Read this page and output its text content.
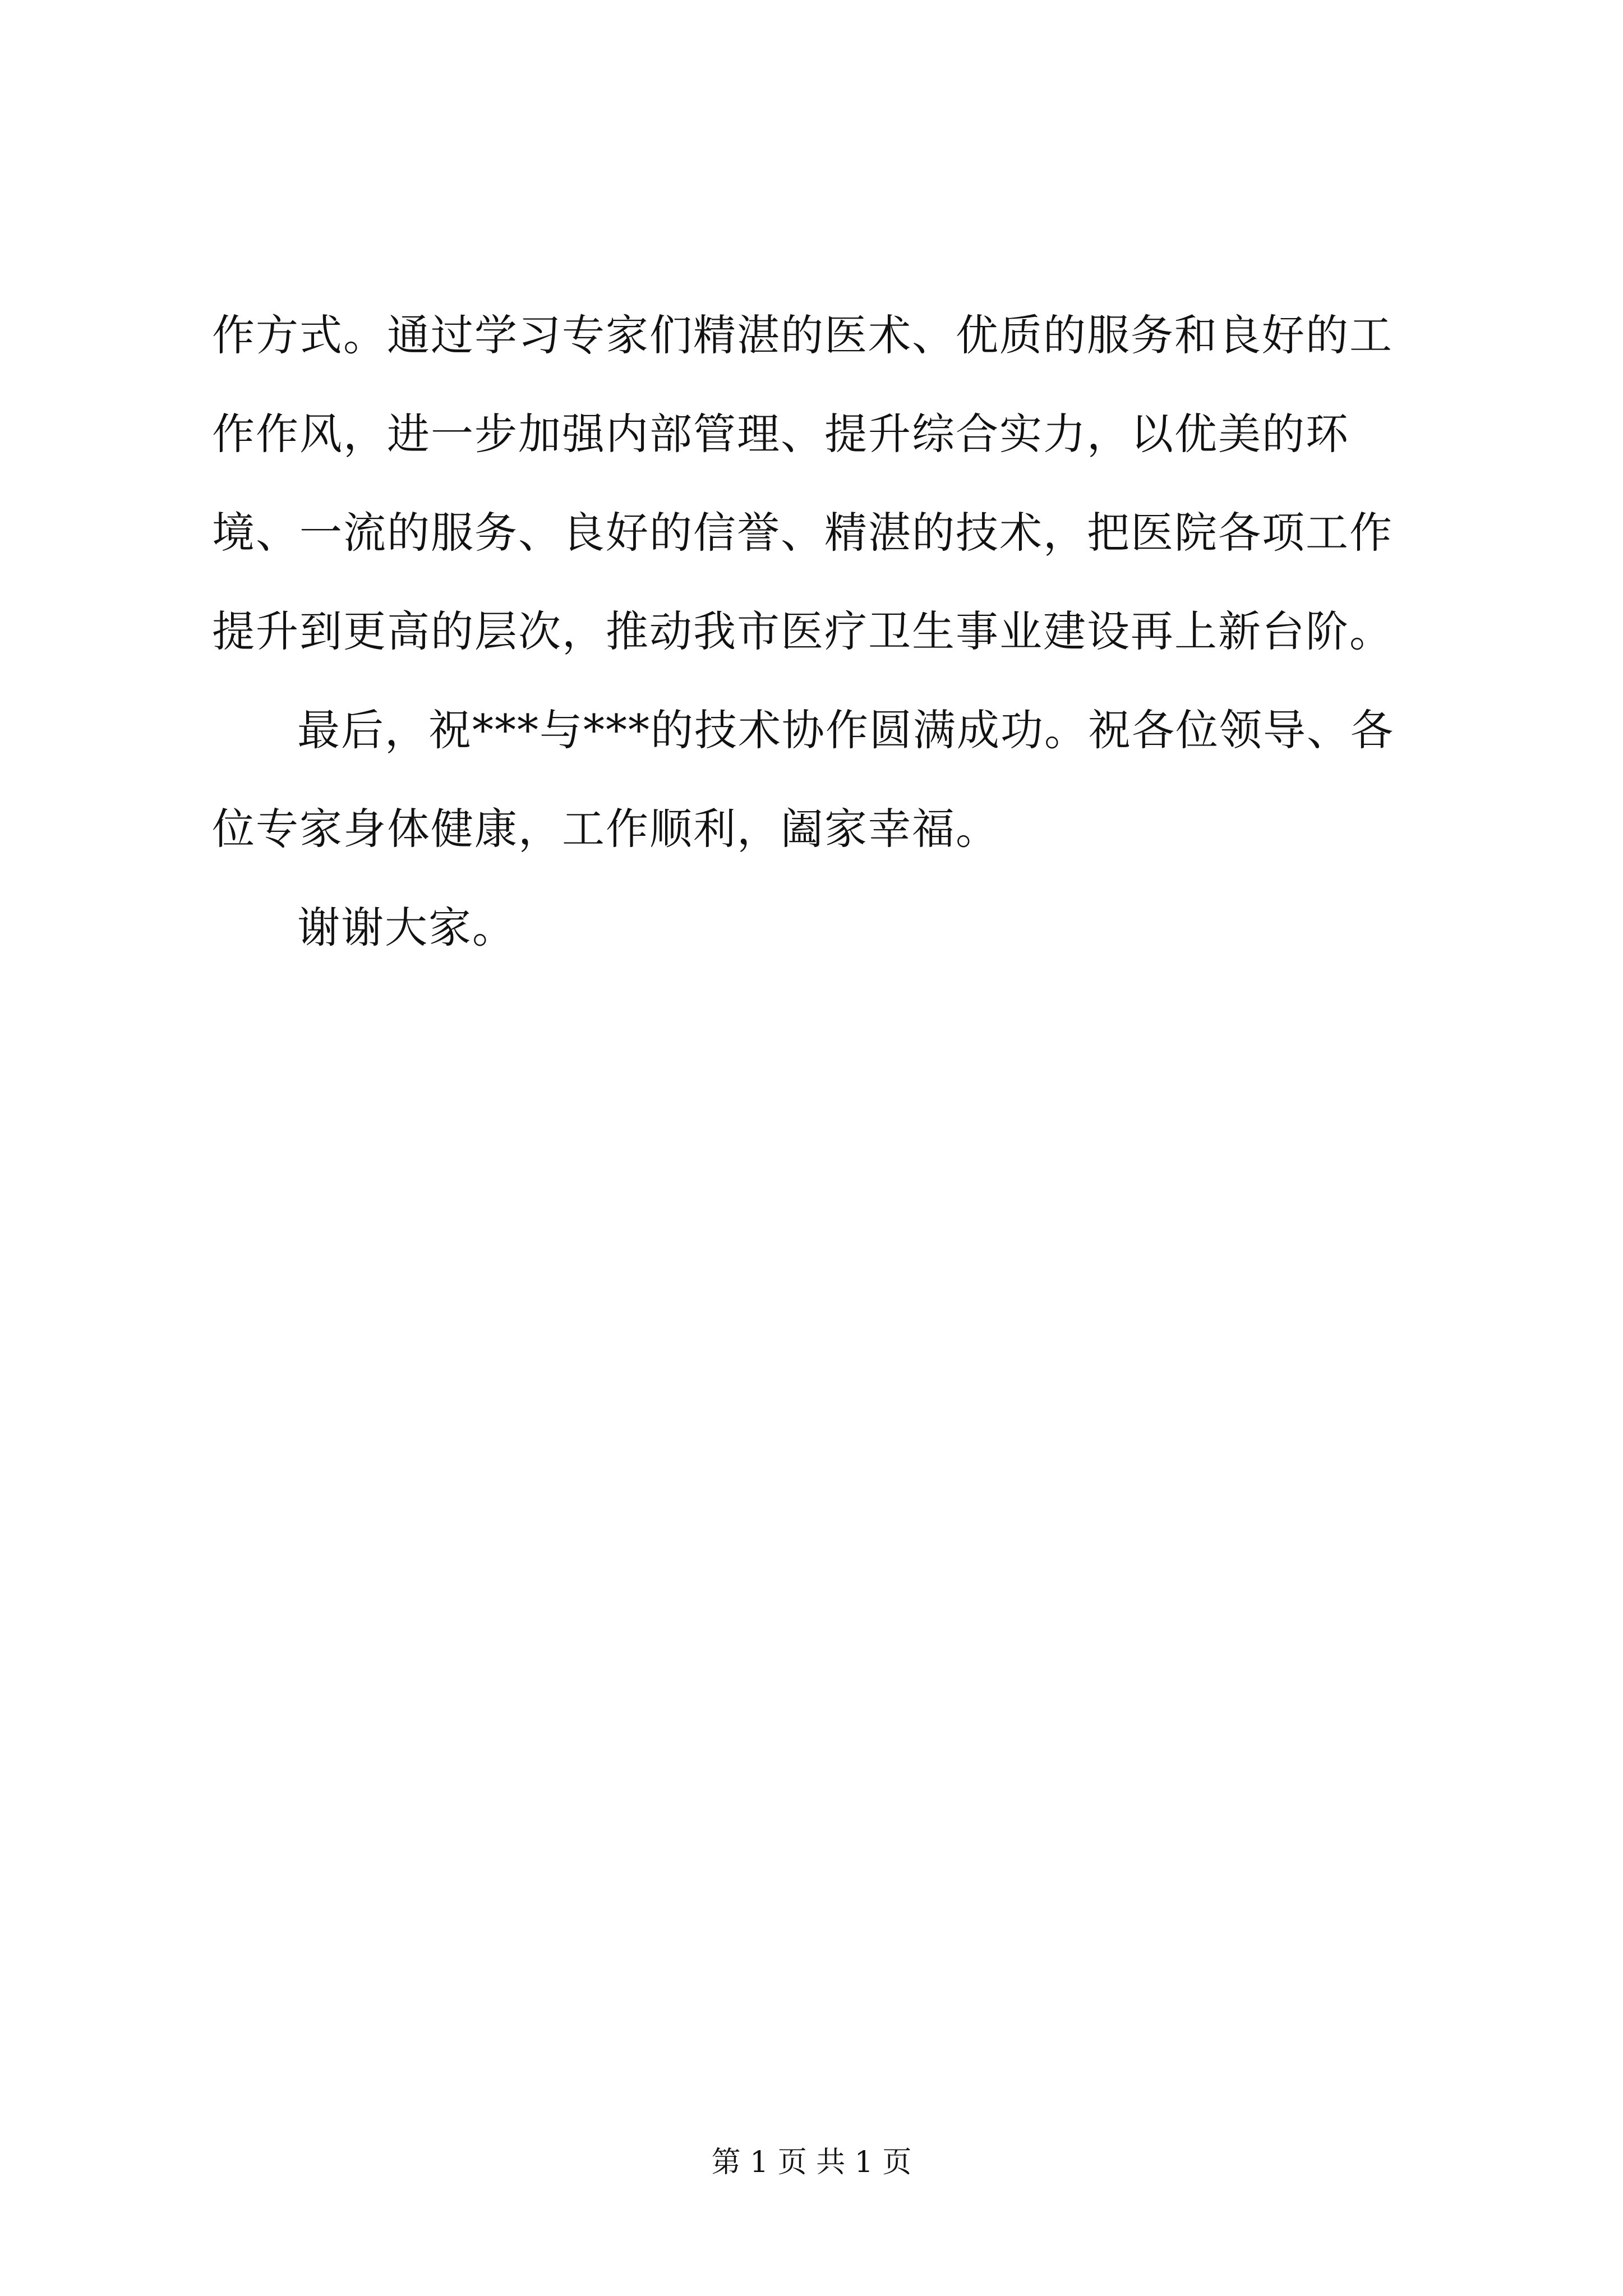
作方式。通过学习专家们精湛的医术、优质的服务和良好的工作作风，进一步加强内部管理、提升综合实力，以优美的环境、一流的服务、良好的信誉、精湛的技术，把医院各项工作提升到更高的层次，推动我市医疗卫生事业建设再上新台阶。

最后，祝***与***的技术协作圆满成功。祝各位领导、各位专家身体健康，工作顺利，阖家幸福。

谢谢大家。

第 1 页 共 1 页
